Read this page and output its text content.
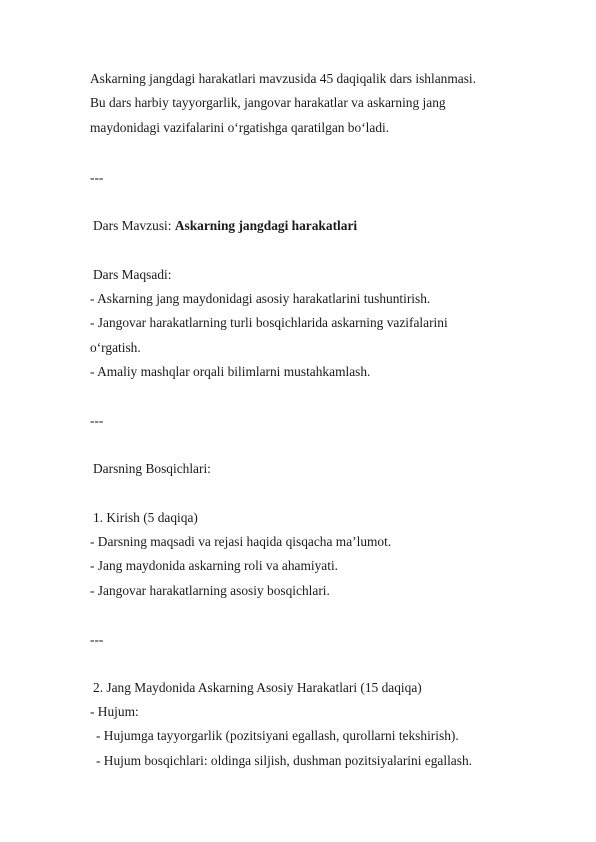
Askarning jangdagi harakatlari mavzusida 45 daqiqalik dars ishlanmasi.
Bu dars harbiy tayyorgarlik, jangovar harakatlar va askarning jang
maydonidagi vazifalarini o‘rgatishga qaratilgan bo‘ladi.
---
Dars Mavzusi: Askarning jangdagi harakatlari
Dars Maqsadi:
- Askarning jang maydonidagi asosiy harakatlarini tushuntirish.
- Jangovar harakatlarning turli bosqichlarida askarning vazifalarini
o‘rgatish.
- Amaliy mashqlar orqali bilimlarni mustahkamlash.
---
Darsning Bosqichlari:
1. Kirish (5 daqiqa)
- Darsning maqsadi va rejasi haqida qisqacha ma’lumot.
- Jang maydonida askarning roli va ahamiyati.
- Jangovar harakatlarning asosiy bosqichlari.
---
2. Jang Maydonida Askarning Asosiy Harakatlari (15 daqiqa)
- Hujum:
- Hujumga tayyorgarlik (pozitsiyani egallash, qurollarni tekshirish).
- Hujum bosqichlari: oldinga siljish, dushman pozitsiyalarini egallash.
